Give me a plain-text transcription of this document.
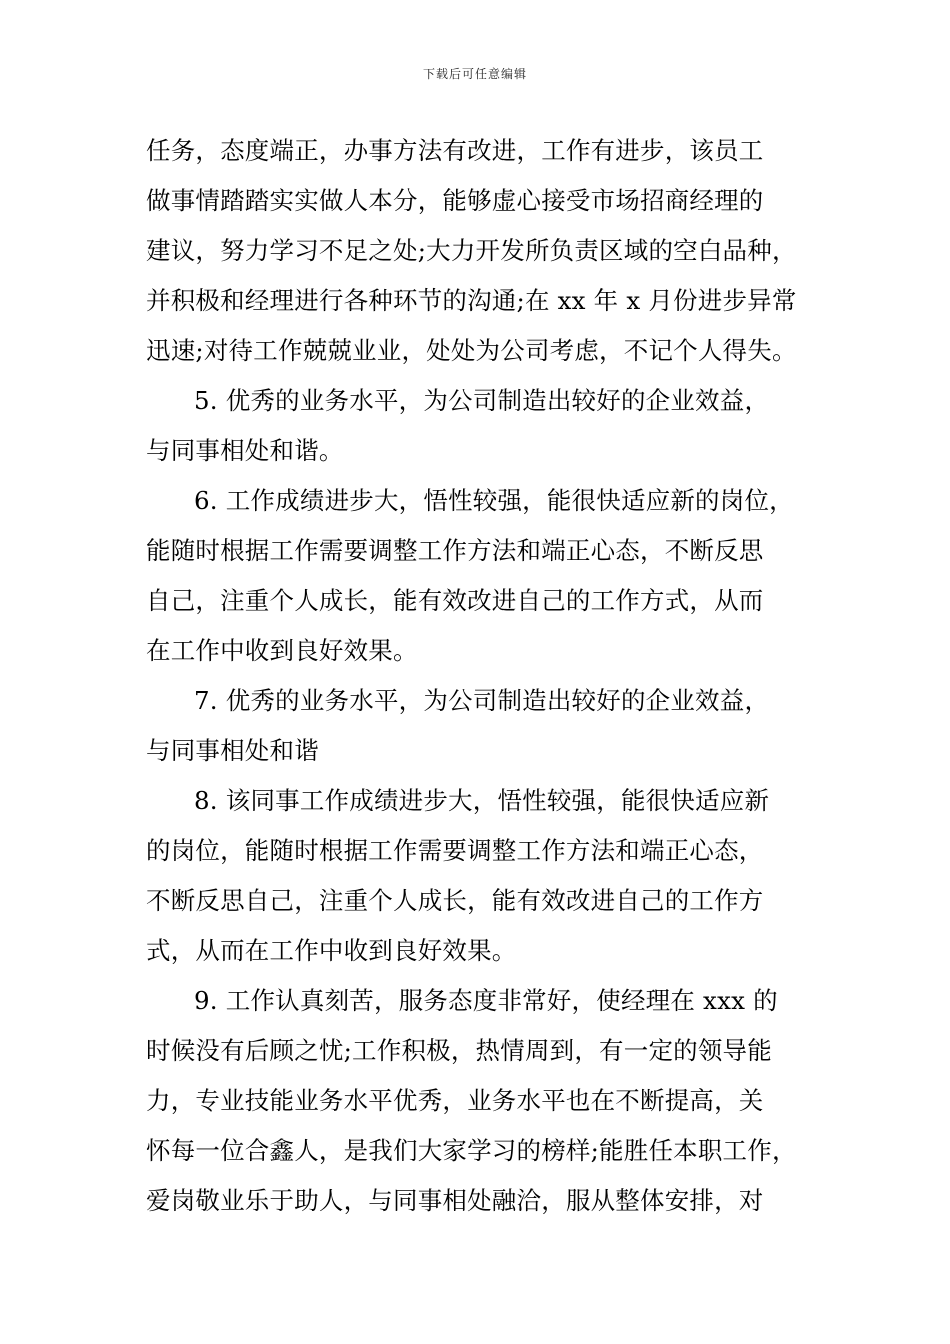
下载后可任意编辑
任务，态度端正，办事方法有改进，工作有进步，该员工
做事情踏踏实实做人本分，能够虚心接受市场招商经理的
建议，努力学习不足之处;大力开发所负责区域的空白品种，
并积极和经理进行各种环节的沟通;在 xx 年 x 月份进步异常
迅速;对待工作兢兢业业，处处为公司考虑，不记个人得失。
5. 优秀的业务水平，为公司制造出较好的企业效益，
与同事相处和谐。
6. 工作成绩进步大，悟性较强，能很快适应新的岗位，
能随时根据工作需要调整工作方法和端正心态，不断反思
自己，注重个人成长，能有效改进自己的工作方式，从而
在工作中收到良好效果。
7. 优秀的业务水平，为公司制造出较好的企业效益，
与同事相处和谐
8. 该同事工作成绩进步大，悟性较强，能很快适应新
的岗位，能随时根据工作需要调整工作方法和端正心态，
不断反思自己，注重个人成长，能有效改进自己的工作方
式，从而在工作中收到良好效果。
9. 工作认真刻苦，服务态度非常好，使经理在 xxx 的
时候没有后顾之忧;工作积极，热情周到，有一定的领导能
力，专业技能业务水平优秀，业务水平也在不断提高，关
怀每一位合鑫人，是我们大家学习的榜样;能胜任本职工作，
爱岗敬业乐于助人，与同事相处融洽，服从整体安排，对
